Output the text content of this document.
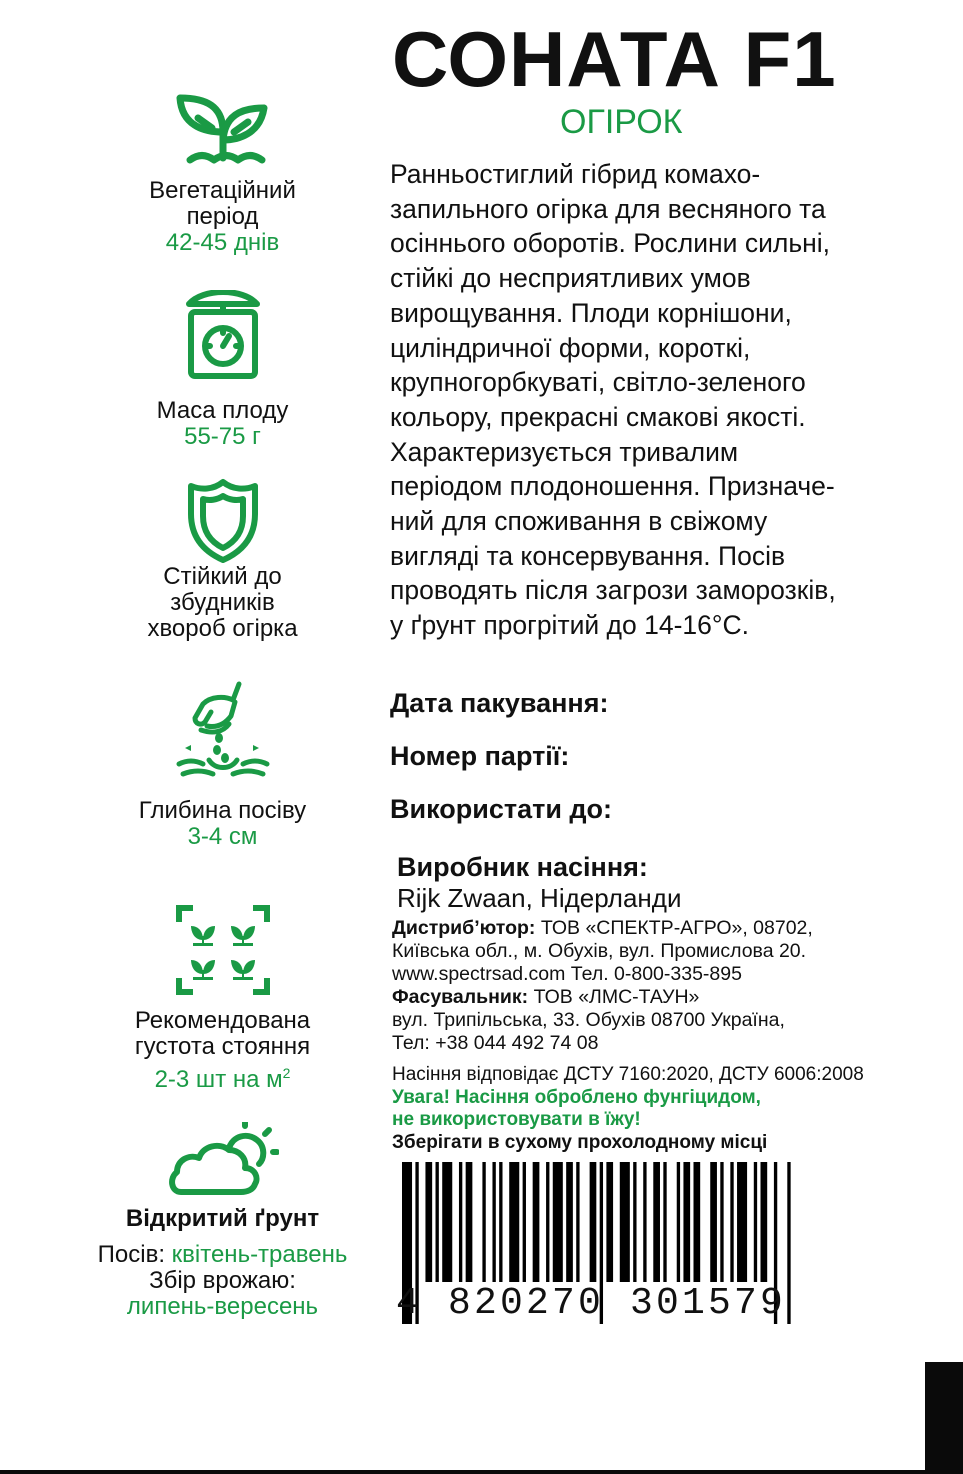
Вегетаційний
період
42-45 днів
Маса плоду
55-75 г
Стійкий до
збудників
хвороб огірка
Глибина посіву
3-4 см
Рекомендована
густота стояння
2-3 шт на $м^2$
Відкритий ґрунт
Посів: квітень-травень
Збір врожаю:
липень-вересень
СОНАТА F1
ОГІРОК
Ранньостиглий гібрид комахо-
запильного огірка для весняного та
осіннього оборотів. Рослини сильні,
стійкі до несприятливих умов
вирощування. Плоди корнішони,
циліндричної форми, короткі,
крупногорбкуваті, світло-зеленого
кольору, прекрасні смакові якості.
Характеризується тривалим
періодом плодоношення. Призначе-
ний для споживання в свіжому
вигляді та консервування. Посів
проводять після загрози заморозків,
у ґрунт прогрітий до 14-16°C.
Дата пакування:
Номер партії:
Використати до:
Виробник насіння:
Rijk Zwaan, Нідерланди
Дистриб’ютор: ТОВ «СПЕКТР-АГРО», 08702,
Київська обл., м. Обухів, вул. Промислова 20.
www.spectrsad.com Тел. 0-800-335-895
Фасувальник: ТОВ «ЛМС-ТАУН»
вул. Трипільська, 33. Обухів 08700 Україна,
Тел: +38 044 492 74 08
Насіння відповідає ДСТУ 7160:2020, ДСТУ 6006:2008
Увага! Насіння оброблено фунгіцидом,
не використовувати в їжу!
Зберігати в сухому прохолодному місці
4 820270 301579
